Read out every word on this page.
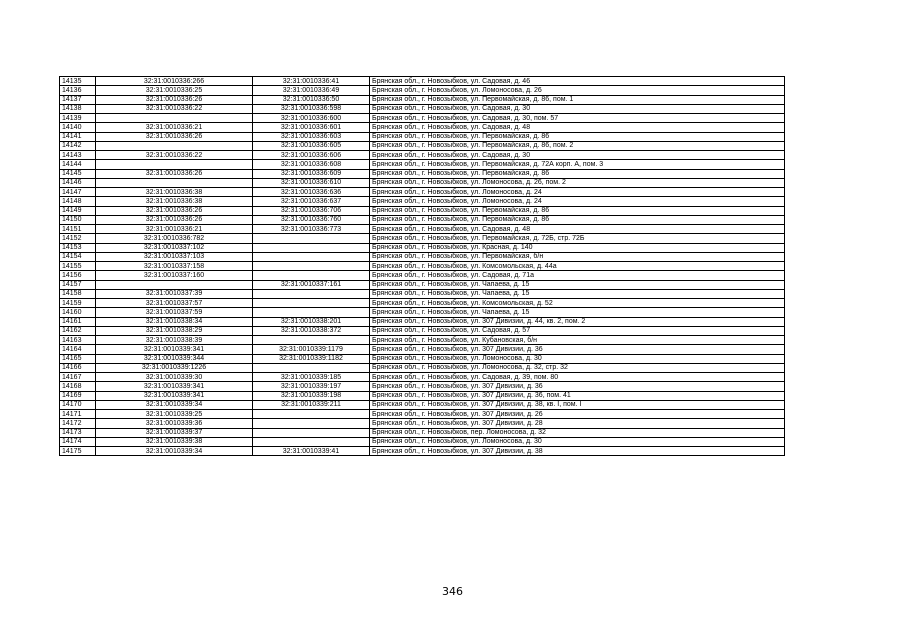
14135	32:31:0010336:266	32:31:0010336:41	Брянская обл., г. Новозыбков, ул. Садовая, д. 46
14136	32:31:0010336:25	32:31:0010336:49	Брянская обл., г. Новозыбков, ул. Ломоносова, д. 26
14137	32:31:0010336:26	32:31:0010336:50	Брянская обл., г. Новозыбков, ул. Первомайская, д. 86, пом. 1
14138	32:31:0010336:22	32:31:0010336:598	Брянская обл., г. Новозыбков, ул. Садовая, д. 30
14139		32:31:0010336:600	Брянская обл., г. Новозыбков, ул. Садовая, д. 30, пом. 57
14140	32:31:0010336:21	32:31:0010336:601	Брянская обл., г. Новозыбков, ул. Садовая, д. 48
14141	32:31:0010336:26	32:31:0010336:603	Брянская обл., г. Новозыбков, ул. Первомайская, д. 86
14142		32:31:0010336:605	Брянская обл., г. Новозыбков, ул. Первомайская, д. 86, пом. 2
14143	32:31:0010336:22	32:31:0010336:606	Брянская обл., г. Новозыбков, ул. Садовая, д. 30
14144		32:31:0010336:608	Брянская обл., г. Новозыбков, ул. Первомайская, д. 72А корп. А, пом. 3
14145	32:31:0010336:26	32:31:0010336:609	Брянская обл., г. Новозыбков, ул. Первомайская, д. 86
14146		32:31:0010336:610	Брянская обл., г. Новозыбков, ул. Ломоносова, д. 26, пом. 2
14147	32:31:0010336:38	32:31:0010336:636	Брянская обл., г. Новозыбков, ул. Ломоносова, д. 24
14148	32:31:0010336:38	32:31:0010336:637	Брянская обл., г. Новозыбков, ул. Ломоносова, д. 24
14149	32:31:0010336:26	32:31:0010336:706	Брянская обл., г. Новозыбков, ул. Первомайская, д. 86
14150	32:31:0010336:26	32:31:0010336:760	Брянская обл., г. Новозыбков, ул. Первомайская, д. 86
14151	32:31:0010336:21	32:31:0010336:773	Брянская обл., г. Новозыбков, ул. Садовая, д. 48
14152	32:31:0010336:782		Брянская обл., г. Новозыбков, ул. Первомайская, д. 72Б, стр. 72Б
14153	32:31:0010337:102		Брянская обл., г. Новозыбков, ул. Красная, д. 140
14154	32:31:0010337:103		Брянская обл., г. Новозыбков, ул. Первомайская, б/н
14155	32:31:0010337:158		Брянская обл., г. Новозыбков, ул. Комсомольская, д. 44а
14156	32:31:0010337:160		Брянская обл., г. Новозыбков, ул. Садовая, д. 71а
14157		32:31:0010337:161	Брянская обл., г. Новозыбков, ул. Чапаева, д. 15
14158	32:31:0010337:39		Брянская обл., г. Новозыбков, ул. Чапаева, д. 15
14159	32:31:0010337:57		Брянская обл., г. Новозыбков, ул. Комсомольская, д. 52
14160	32:31:0010337:59		Брянская обл., г. Новозыбков, ул. Чапаева, д. 15
14161	32:31:0010338:34	32:31:0010338:201	Брянская обл., г. Новозыбков, ул. 307 Дивизии, д. 44, кв. 2, пом. 2
14162	32:31:0010338:29	32:31:0010338:372	Брянская обл., г. Новозыбков, ул. Садовая, д. 57
14163	32:31:0010338:39		Брянская обл., г. Новозыбков, ул. Кубановская, б/н
14164	32:31:0010339:341	32:31:0010339:1179	Брянская обл., г. Новозыбков, ул. 307 Дивизии, д. 36
14165	32:31:0010339:344	32:31:0010339:1182	Брянская обл., г. Новозыбков, ул. Ломоносова, д. 30
14166	32:31:0010339:1226		Брянская обл., г. Новозыбков, ул. Ломоносова, д. 32, стр. 32
14167	32:31:0010339:30	32:31:0010339:185	Брянская обл., г. Новозыбков, ул. Садовая, д. 39, пом. 80
14168	32:31:0010339:341	32:31:0010339:197	Брянская обл., г. Новозыбков, ул. 307 Дивизии, д. 36
14169	32:31:0010339:341	32:31:0010339:198	Брянская обл., г. Новозыбков, ул. 307 Дивизии, д. 36, пом. 41
14170	32:31:0010339:34	32:31:0010339:211	Брянская обл., г. Новозыбков, ул. 307 Дивизии, д. 38, кв. I, пом. I
14171	32:31:0010339:25		Брянская обл., г. Новозыбков, ул. 307 Дивизии, д. 26
14172	32:31:0010339:36		Брянская обл., г. Новозыбков, ул. 307 Дивизии, д. 28
14173	32:31:0010339:37		Брянская обл., г. Новозыбков, пер. Ломоносова, д. 32
14174	32:31:0010339:38		Брянская обл., г. Новозыбков, ул. Ломоносова, д. 30
14175	32:31:0010339:34	32:31:0010339:41	Брянская обл., г. Новозыбков, ул. 307 Дивизии, д. 38
346
